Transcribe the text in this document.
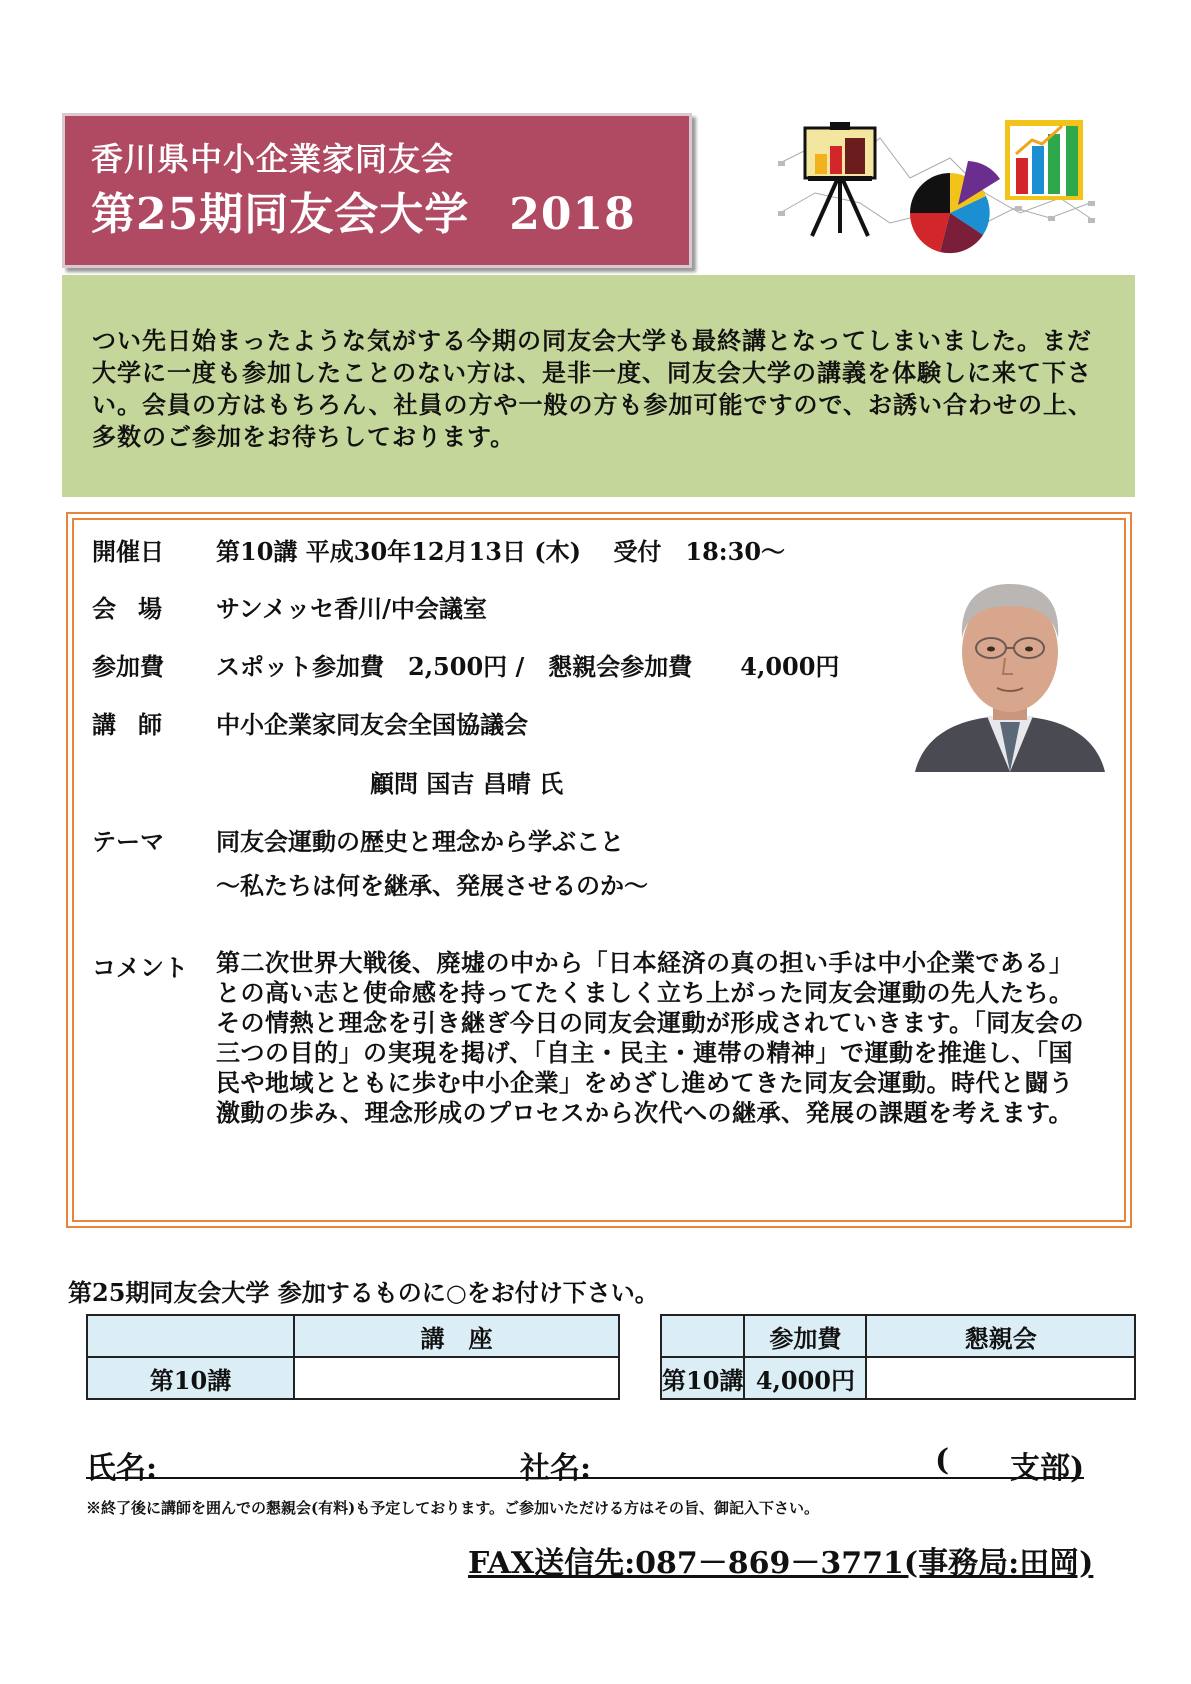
香川県中小企業家同友会
第25期同友会大学 2018
つい先日始まったような気がする今期の同友会大学も最終講となってしまいました。まだ大学に一度も参加したことのない方は、是非一度、同友会大学の講義を体験しに来て下さい。会員の方はもちろん、社員の方や一般の方も参加可能ですので、お誘い合わせの上、多数のご参加をお待ちしております。
開催日 第10講 平成30年12月13日 (木)　 受付　18:30～
会場 サンメッセ香川/中会議室
参加費 スポット参加費　2,500円 /　懇親会参加費　　4,000円
講師 中小企業家同友会全国協議会
顧問 国吉 昌晴 氏
テーマ 同友会運動の歴史と理念から学ぶこと
～私たちは何を継承、発展させるのか～
コメント 第二次世界大戦後、廃墟の中から「日本経済の真の担い手は中小企業である」との高い志と使命感を持ってたくましく立ち上がった同友会運動の先人たち。その情熱と理念を引き継ぎ今日の同友会運動が形成されていきます。「同友会の三つの目的」の実現を掲げ、「自主・民主・連帯の精神」で運動を推進し、「国民や地域とともに歩む中小企業」をめざし進めてきた同友会運動。時代と闘う激動の歩み、理念形成のプロセスから次代への継承、発展の課題を考えます。
第25期同友会大学 参加するものに○をお付け下さい。
	講　座
第10講	
	参加費	懇親会
第10講	4,000円	
氏名:	社名:	( 支部)
※終了後に講師を囲んでの懇親会(有料)も予定しております。ご参加いただける方はその旨、御記入下さい。
FAX送信先:087－869－3771(事務局:田岡)
